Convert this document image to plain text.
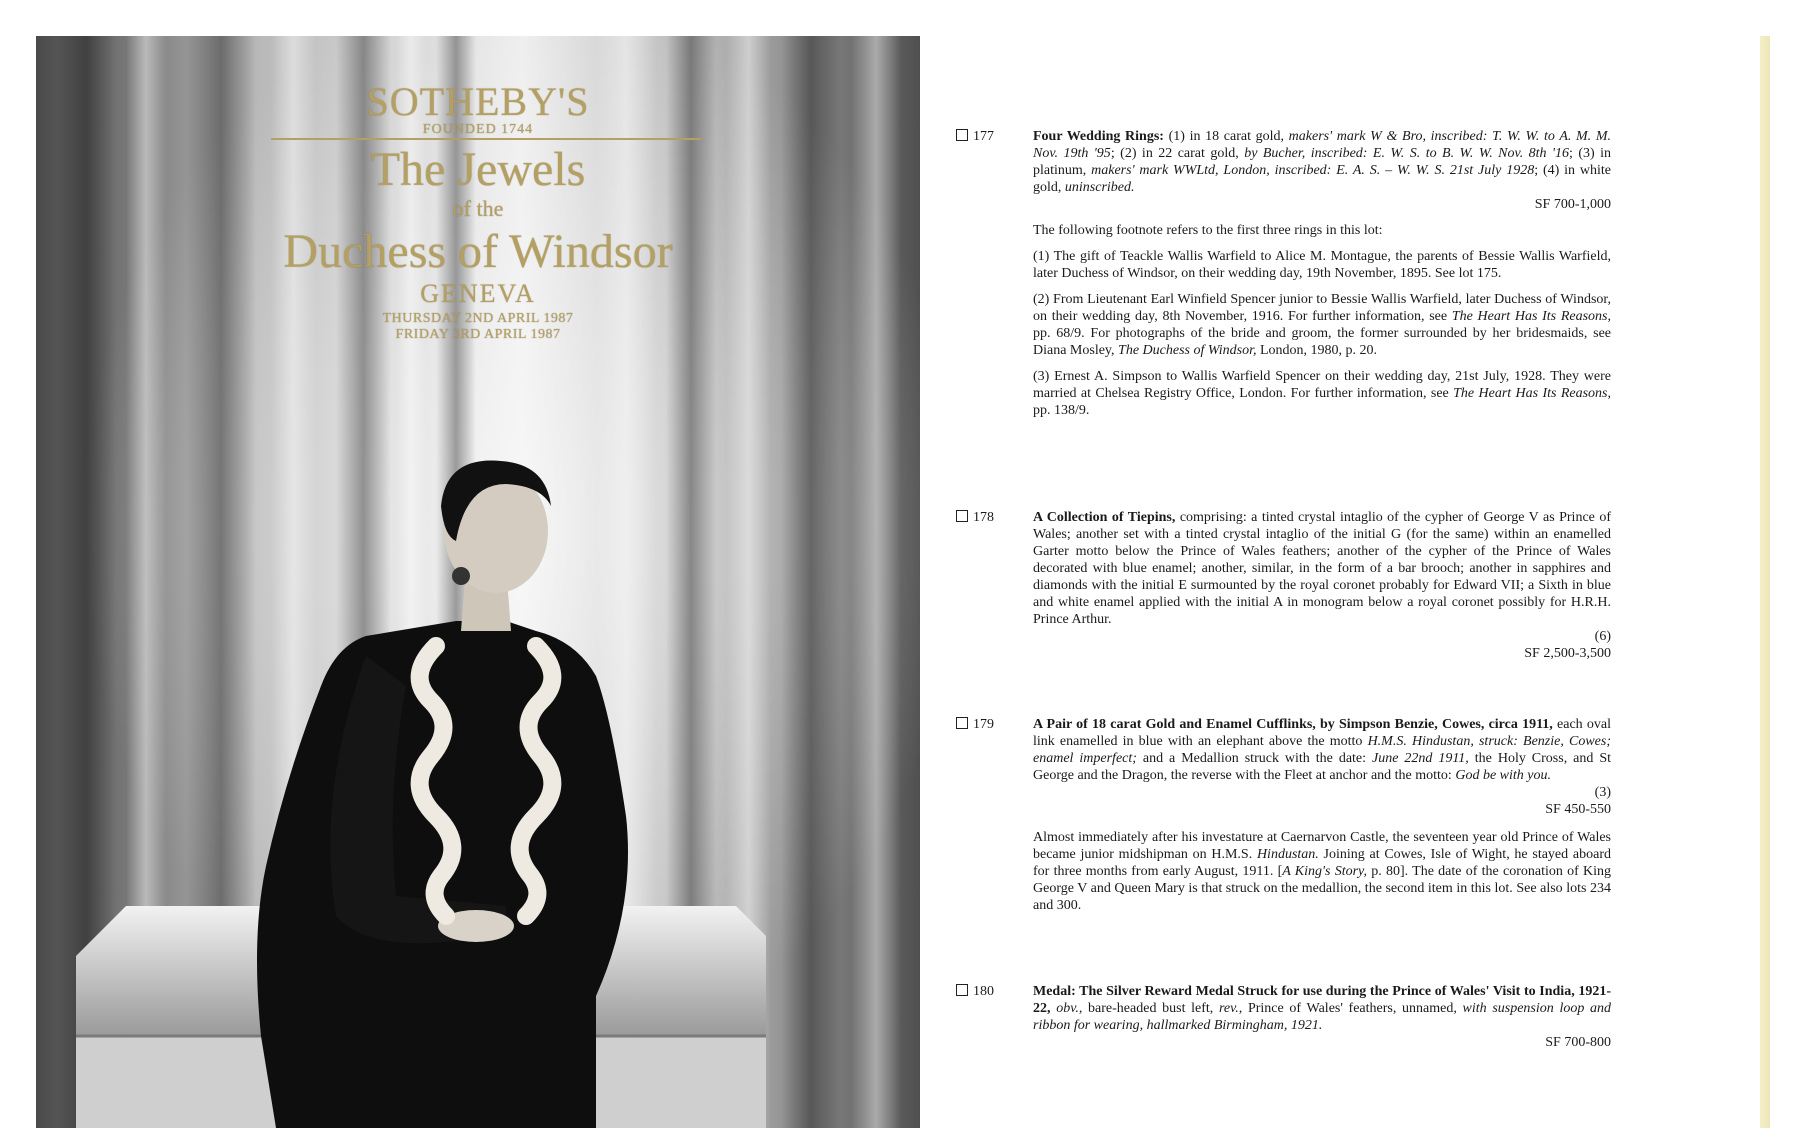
SOTHEBY'S
FOUNDED 1744
The Jewels
of the
Duchess of Windsor
GENEVA
THURSDAY 2ND APRIL 1987
FRIDAY 3RD APRIL 1987
177	Four Wedding Rings: (1) in 18 carat gold, makers' mark W & Bro, inscribed: T. W. W. to A. M. M. Nov. 19th '95; (2) in 22 carat gold, by Bucher, inscribed: E. W. S. to B. W. W. Nov. 8th '16; (3) in platinum, makers' mark WWLtd, London, inscribed: E. A. S. – W. W. S. 21st July 1928; (4) in white gold, uninscribed.

SF 700-1,000

The following footnote refers to the first three rings in this lot:

(1) The gift of Teackle Wallis Warfield to Alice M. Montague, the parents of Bessie Wallis Warfield, later Duchess of Windsor, on their wedding day, 19th November, 1895. See lot 175.

(2) From Lieutenant Earl Winfield Spencer junior to Bessie Wallis Warfield, later Duchess of Windsor, on their wedding day, 8th November, 1916. For further information, see The Heart Has Its Reasons, pp. 68/9. For photographs of the bride and groom, the former surrounded by her bridesmaids, see Diana Mosley, The Duchess of Windsor, London, 1980, p. 20.

(3) Ernest A. Simpson to Wallis Warfield Spencer on their wedding day, 21st July, 1928. They were married at Chelsea Registry Office, London. For further information, see The Heart Has Its Reasons, pp. 138/9.

178	A Collection of Tiepins, comprising: a tinted crystal intaglio of the cypher of George V as Prince of Wales; another set with a tinted crystal intaglio of the initial G (for the same) within an enamelled Garter motto below the Prince of Wales feathers; another of the cypher of the Prince of Wales decorated with blue enamel; another, similar, in the form of a bar brooch; another in sapphires and diamonds with the initial E surmounted by the royal coronet probably for Edward VII; a Sixth in blue and white enamel applied with the initial A in monogram below a royal coronet possibly for H.R.H. Prince Arthur.

(6)

SF 2,500-3,500

179	A Pair of 18 carat Gold and Enamel Cufflinks, by Simpson Benzie, Cowes, circa 1911, each oval link enamelled in blue with an elephant above the motto H.M.S. Hindustan, struck: Benzie, Cowes; enamel imperfect; and a Medallion struck with the date: June 22nd 1911, the Holy Cross, and St George and the Dragon, the reverse with the Fleet at anchor and the motto: God be with you.

(3)

SF 450-550

Almost immediately after his investature at Caernarvon Castle, the seventeen year old Prince of Wales became junior midshipman on H.M.S. Hindustan. Joining at Cowes, Isle of Wight, he stayed aboard for three months from early August, 1911. [A King's Story, p. 80]. The date of the coronation of King George V and Queen Mary is that struck on the medallion, the second item in this lot. See also lots 234 and 300.

180	Medal: The Silver Reward Medal Struck for use during the Prince of Wales' Visit to India, 1921-22, obv., bare-headed bust left, rev., Prince of Wales' feathers, unnamed, with suspension loop and ribbon for wearing, hallmarked Birmingham, 1921.

SF 700-800
